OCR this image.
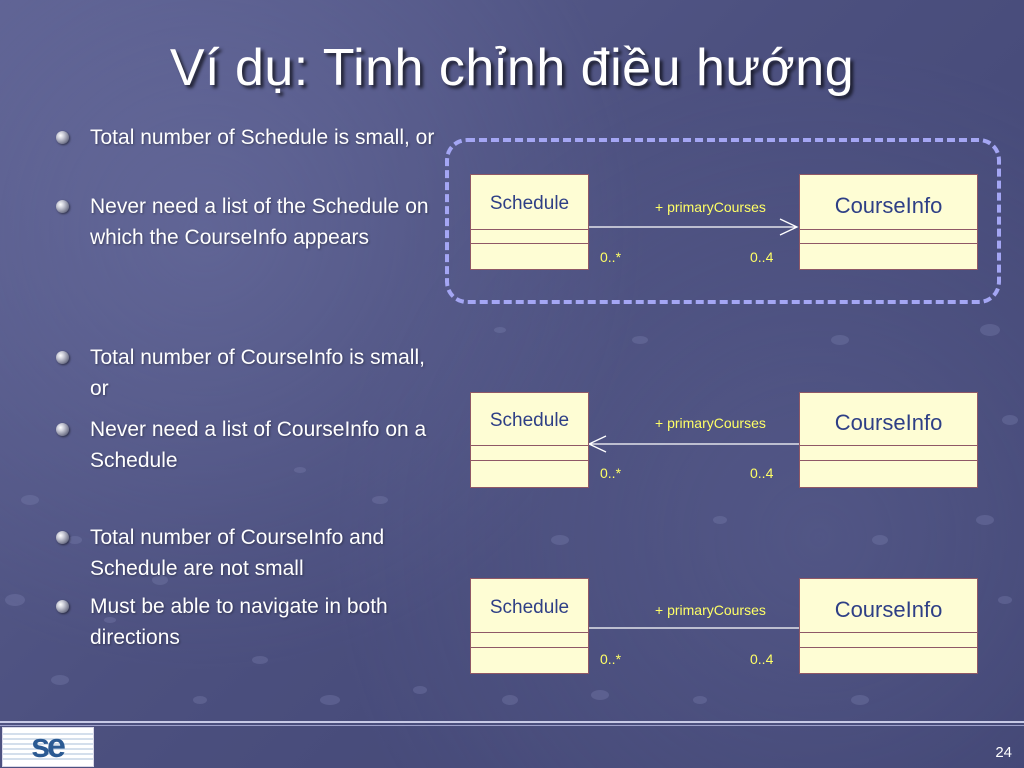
Ví dụ: Tinh chỉnh điều hướng
Total number of Schedule is small, or
Never need a list of the Schedule on which the CourseInfo appears
Total number of CourseInfo is small, or
Never need a list of CourseInfo on a Schedule
Total number of CourseInfo and Schedule are not small
Must be able to navigate in both directions
Schedule	CourseInfo
+ primaryCourses
0..*	0..4
Schedule	CourseInfo
+ primaryCourses
0..*	0..4
Schedule	CourseInfo
+ primaryCourses
0..*	0..4
se	24
